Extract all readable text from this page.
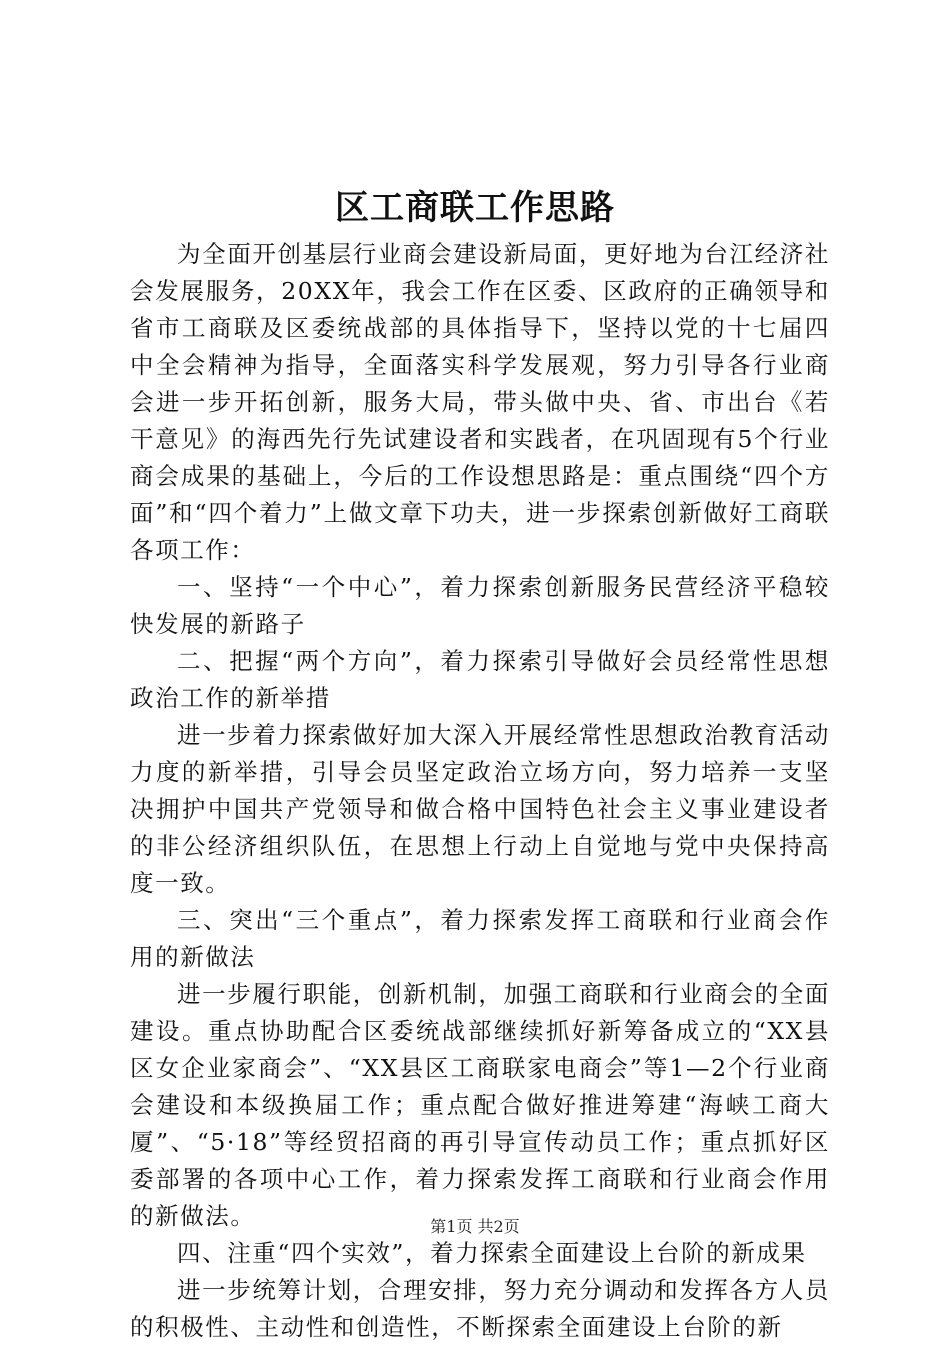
区工商联工作思路

为全面开创基层行业商会建设新局面，更好地为台江经济社会发展服务，20XX年，我会工作在区委、区政府的正确领导和省市工商联及区委统战部的具体指导下，坚持以党的十七届四中全会精神为指导，全面落实科学发展观，努力引导各行业商会进一步开拓创新，服务大局，带头做中央、省、市出台《若干意见》的海西先行先试建设者和实践者，在巩固现有5个行业商会成果的基础上，今后的工作设想思路是：重点围绕“四个方面”和“四个着力”上做文章下功夫，进一步探索创新做好工商联各项工作：

一、坚持“一个中心”，着力探索创新服务民营经济平稳较快发展的新路子

二、把握“两个方向”，着力探索引导做好会员经常性思想政治工作的新举措

进一步着力探索做好加大深入开展经常性思想政治教育活动力度的新举措，引导会员坚定政治立场方向，努力培养一支坚决拥护中国共产党领导和做合格中国特色社会主义事业建设者的非公经济组织队伍，在思想上行动上自觉地与党中央保持高度一致。

三、突出“三个重点”，着力探索发挥工商联和行业商会作用的新做法

进一步履行职能，创新机制，加强工商联和行业商会的全面建设。重点协助配合区委统战部继续抓好新筹备成立的“XX县区女企业家商会”、“XX县区工商联家电商会”等1—2个行业商会建设和本级换届工作；重点配合做好推进筹建“海峡工商大厦”、“5·18”等经贸招商的再引导宣传动员工作；重点抓好区委部署的各项中心工作，着力探索发挥工商联和行业商会作用的新做法。

四、注重“四个实效”，着力探索全面建设上台阶的新成果

进一步统筹计划，合理安排，努力充分调动和发挥各方人员的积极性、主动性和创造性，不断探索全面建设上台阶的新

第1页 共2页
